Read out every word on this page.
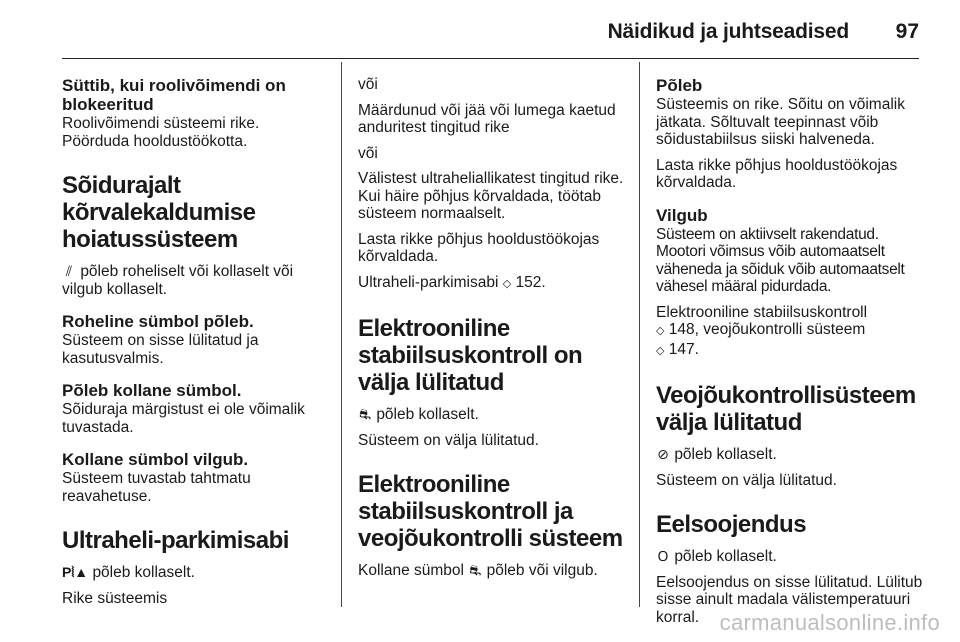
Näidikud ja juhtseadised 97
Süttib, kui roolivõimendi on blokeeritud

Roolivõimendi süsteemi rike. Pöörduda hooldustöökotta.

Sõidurajalt kõrvalekaldumise hoiatussüsteem

⫽ põleb roheliselt või kollaselt või vilgub kollaselt.

Roheline sümbol põleb.

Süsteem on sisse lülitatud ja kasutusvalmis.

Põleb kollane sümbol.

Sõiduraja märgistust ei ole võimalik tuvastada.

Kollane sümbol vilgub.

Süsteem tuvastab tahtmatu reavahetuse.

Ultraheli-parkimisabi

P⦚▲ põleb kollaselt.

Rike süsteemis

või

Määrdunud või jää või lumega kaetud anduritest tingitud rike

või

Välistest ultraheliallikatest tingitud rike. Kui häire põhjus kõrvaldada, töötab süsteem normaalselt.

Lasta rikke põhjus hooldustöökojas kõrvaldada.

Ultraheli-parkimisabi ◇ 152.

Elektrooniline stabiilsuskontroll on välja lülitatud

⛐ põleb kollaselt.

Süsteem on välja lülitatud.

Elektrooniline stabiilsuskontroll ja veojõukontrolli süsteem

Kollane sümbol ⛐ põleb või vilgub.

Põleb

Süsteemis on rike. Sõitu on võimalik jätkata. Sõltuvalt teepinnast võib sõidustabiilsus siiski halveneda.

Lasta rikke põhjus hooldustöökojas kõrvaldada.

Vilgub

Süsteem on aktiivselt rakendatud. Mootori võimsus võib automaatselt väheneda ja sõiduk võib automaatselt vähesel määral pidurdada.

Elektrooniline stabiilsuskontroll
◇ 148, veojõukontrolli süsteem
◇ 147.

Veojõukontrollisüsteem välja lülitatud

⊘ põleb kollaselt.

Süsteem on välja lülitatud.

Eelsoojendus

ᱛ põleb kollaselt.

Eelsoojendus on sisse lülitatud. Lülitub sisse ainult madala välistemperatuuri korral. carmanualsonline.info
